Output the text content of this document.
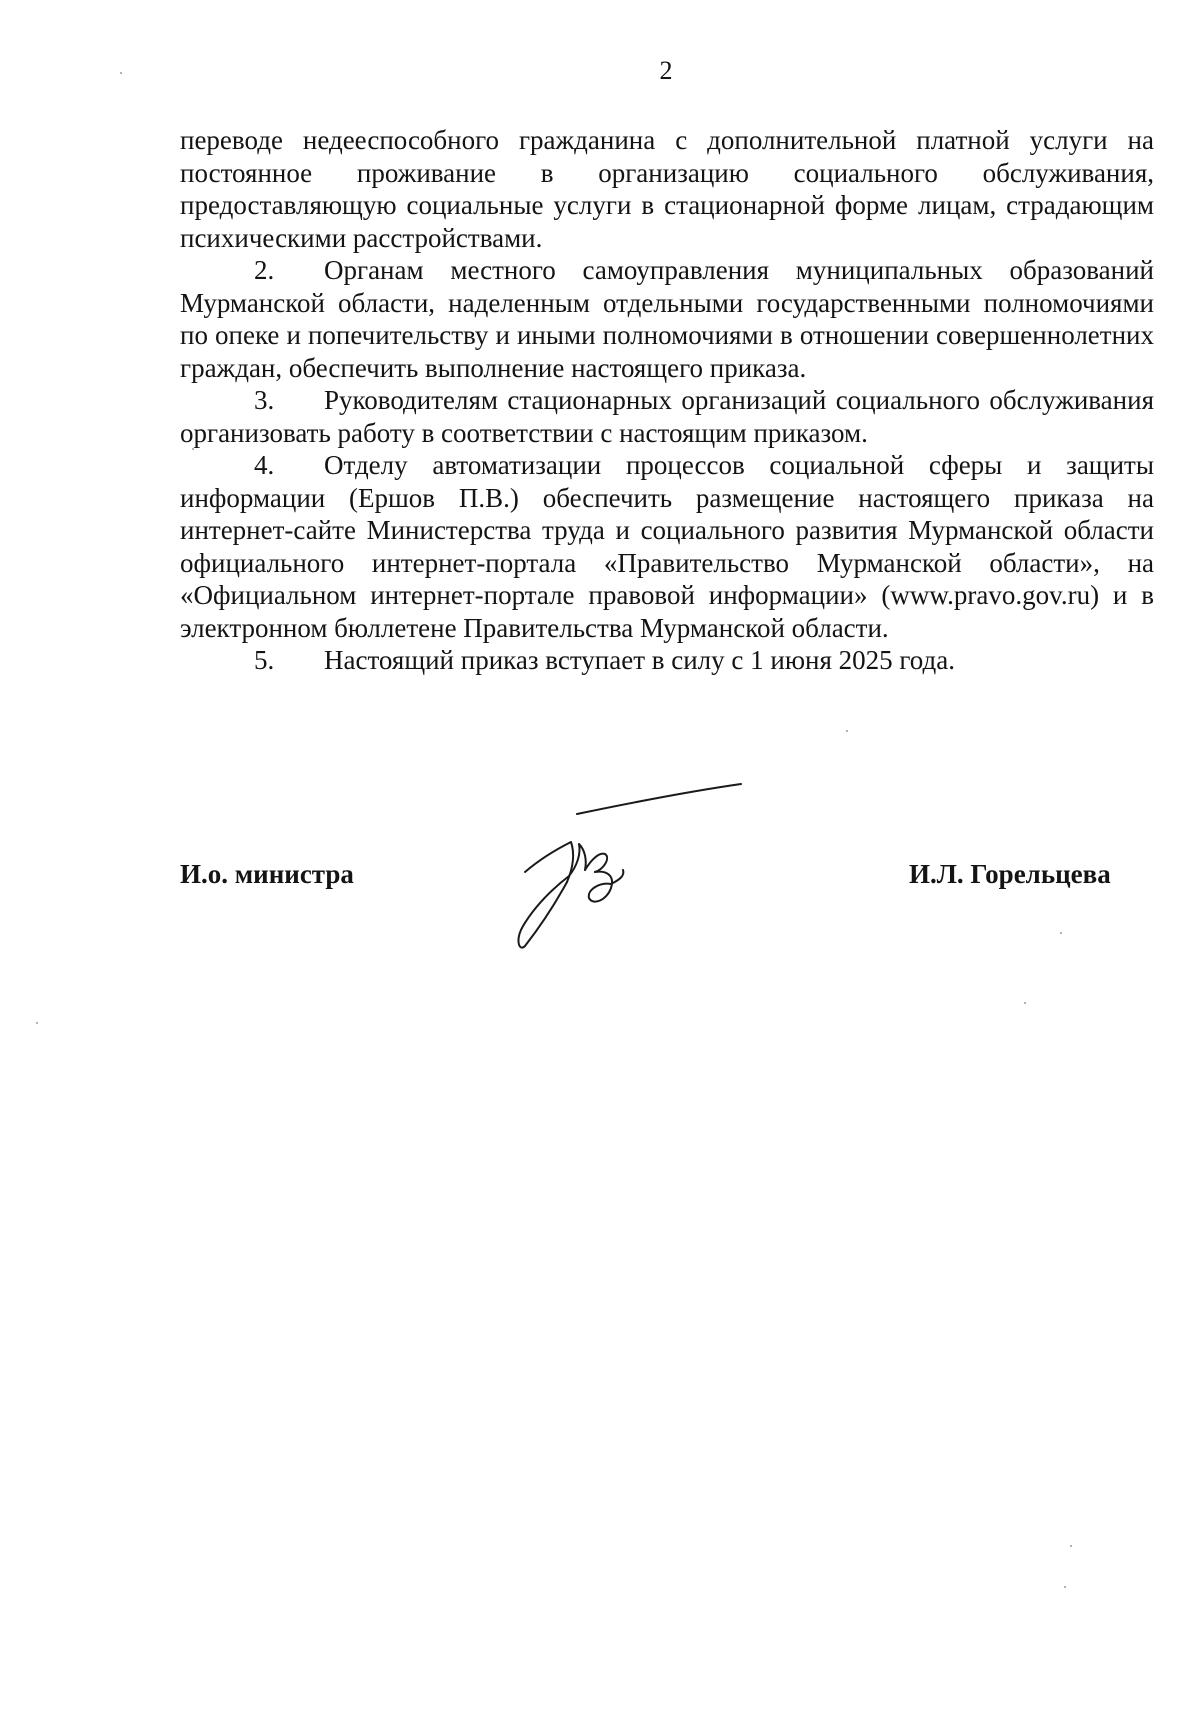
2

переводе недееспособного гражданина с дополнительной платной услуги на постоянное проживание в организацию социального обслуживания, предоставляющую социальные услуги в стационарной форме лицам, страдающим психическими расстройствами.

2. Органам местного самоуправления муниципальных образований Мурманской области, наделенным отдельными государственными полномочиями по опеке и попечительству и иными полномочиями в отношении совершеннолетних граждан, обеспечить выполнение настоящего приказа.

3. Руководителям стационарных организаций социального обслуживания организовать работу в соответствии с настоящим приказом.

4. Отделу автоматизации процессов социальной сферы и защиты информации (Ершов П.В.) обеспечить размещение настоящего приказа на интернет-сайте Министерства труда и социального развития Мурманской области официального интернет-портала «Правительство Мурманской области», на «Официальном интернет-портале правовой информации» (www.pravo.gov.ru) и в электронном бюллетене Правительства Мурманской области.

5. Настоящий приказ вступает в силу с 1 июня 2025 года.

И.о. министра	И.Л. Горельцева
